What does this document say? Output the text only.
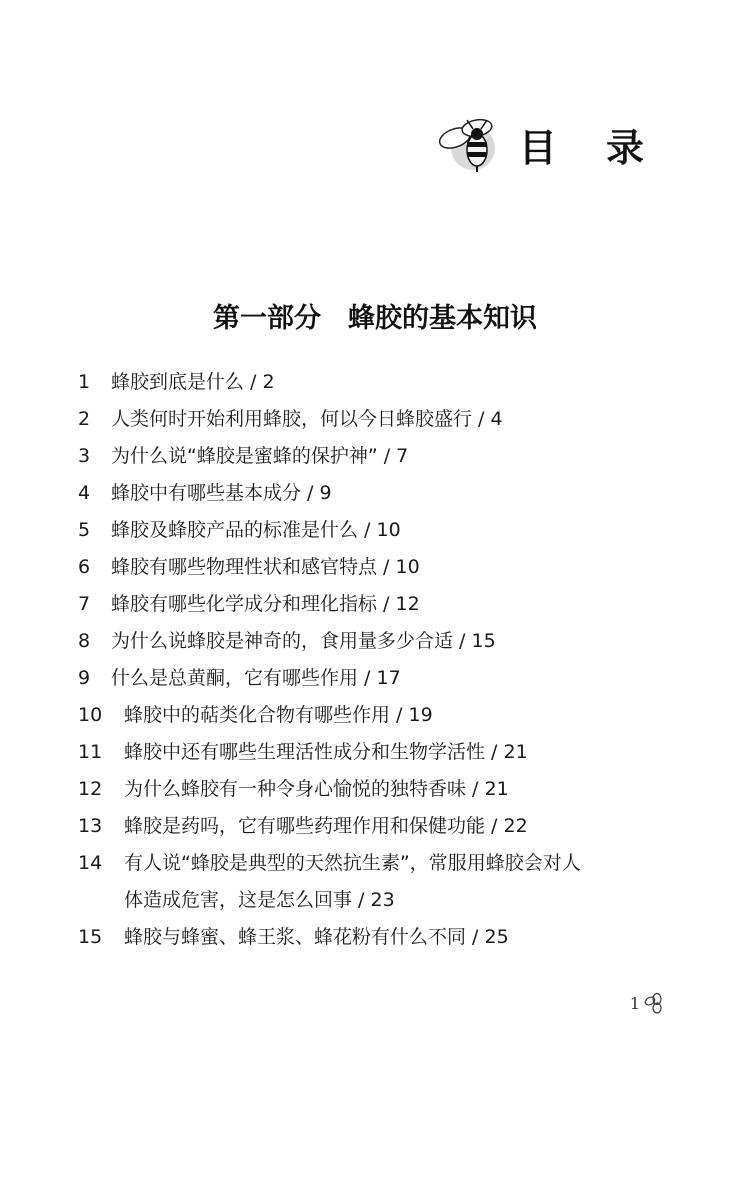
目 录
第一部分　蜂胶的基本知识
1	蜂胶到底是什么 / 2
2	人类何时开始利用蜂胶，何以今日蜂胶盛行 / 4
3	为什么说“蜂胶是蜜蜂的保护神” / 7
4	蜂胶中有哪些基本成分 / 9
5	蜂胶及蜂胶产品的标准是什么 / 10
6	蜂胶有哪些物理性状和感官特点 / 10
7	蜂胶有哪些化学成分和理化指标 / 12
8	为什么说蜂胶是神奇的，食用量多少合适 / 15
9	什么是总黄酮，它有哪些作用 / 17
10	蜂胶中的萜类化合物有哪些作用 / 19
11	蜂胶中还有哪些生理活性成分和生物学活性 / 21
12	为什么蜂胶有一种令身心愉悦的独特香味 / 21
13	蜂胶是药吗，它有哪些药理作用和保健功能 / 22
14	有人说“蜂胶是典型的天然抗生素”，常服用蜂胶会对人
体造成危害，这是怎么回事 / 23
15	蜂胶与蜂蜜、蜂王浆、蜂花粉有什么不同 / 25
1
